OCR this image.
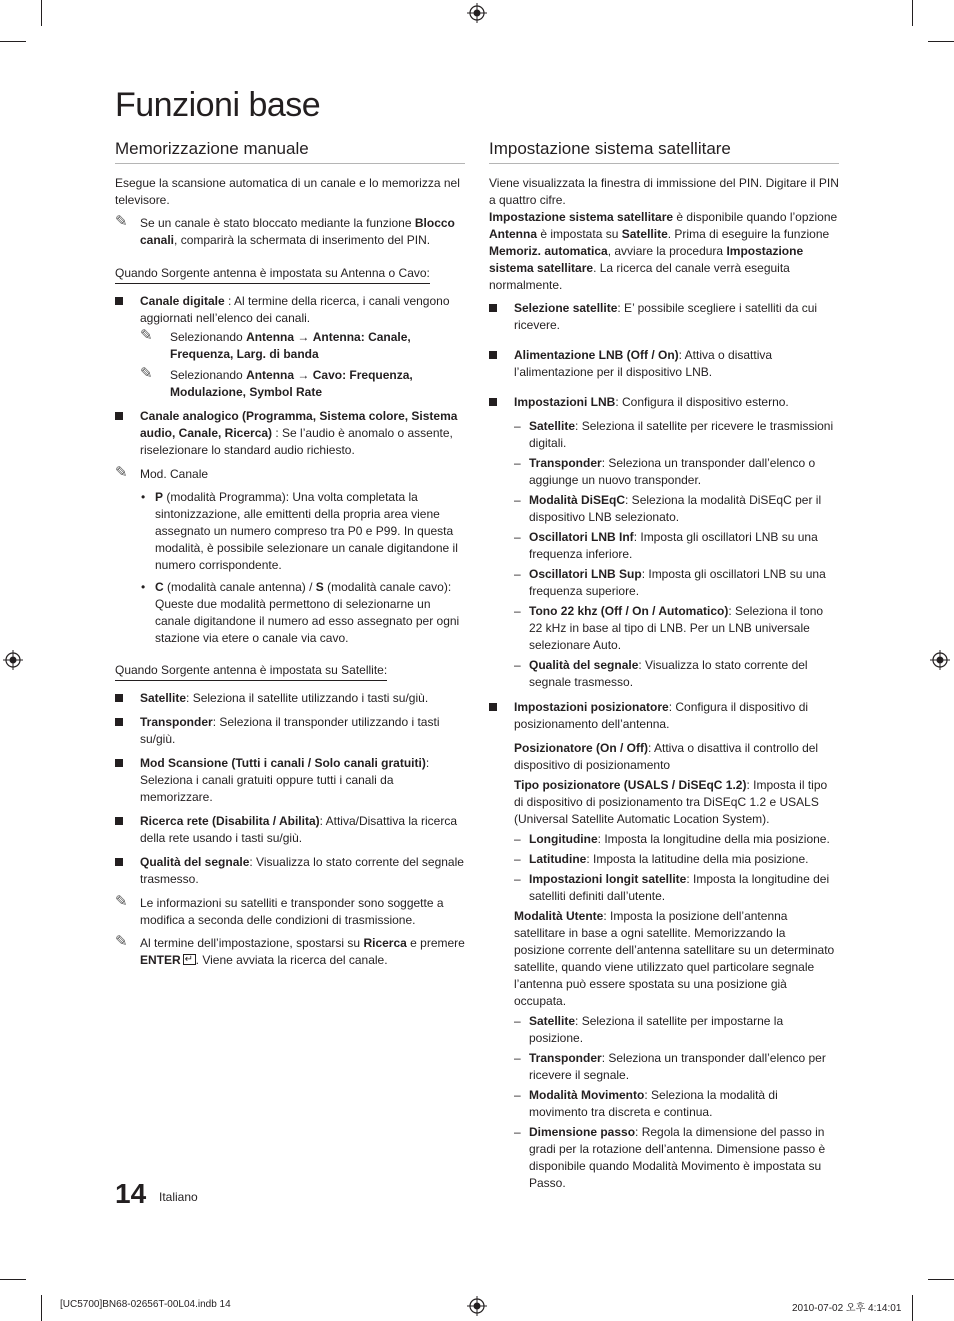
Funzioni base
Memorizzazione manuale

Esegue la scansione automatica di un canale e lo memorizza nel televisore.

✎ Se un canale è stato bloccato mediante la funzione Blocco canali, comparirà la schermata di inserimento del PIN.
Quando Sorgente antenna è impostata su Antenna o Cavo:
Canale digitale : Al termine della ricerca, i canali vengono aggiornati nell’elenco dei canali.
✎ Selezionando Antenna → Antenna: Canale, Frequenza, Larg. di banda
✎ Selezionando Antenna → Cavo: Frequenza, Modulazione, Symbol Rate
Canale analogico (Programma, Sistema colore, Sistema audio, Canale, Ricerca) : Se l’audio è anomalo o assente, riselezionare lo standard audio richiesto.
✎ Mod. Canale
• P (modalità Programma): Una volta completata la sintonizzazione, alle emittenti della propria area viene assegnato un numero compreso tra P0 e P99. In questa modalità, è possibile selezionare un canale digitandone il numero corrispondente.
• C (modalità canale antenna) / S (modalità canale cavo): Queste due modalità permettono di selezionarne un canale digitandone il numero ad esso assegnato per ogni stazione via etere o canale via cavo.
Quando Sorgente antenna è impostata su Satellite:
Satellite: Seleziona il satellite utilizzando i tasti su/giù.
Transponder: Seleziona il transponder utilizzando i tasti su/giù.
Mod Scansione (Tutti i canali / Solo canali gratuiti): Seleziona i canali gratuiti oppure tutti i canali da memorizzare.
Ricerca rete (Disabilita / Abilita): Attiva/Disattiva la ricerca della rete usando i tasti su/giù.
Qualità del segnale: Visualizza lo stato corrente del segnale trasmesso.
✎ Le informazioni su satelliti e transponder sono soggette a modifica a seconda delle condizioni di trasmissione.
✎ Al termine dell’impostazione, spostarsi su Ricerca e premere ENTER↵ . Viene avviata la ricerca del canale.
Impostazione sistema satellitare

Viene visualizzata la finestra di immissione del PIN. Digitare il PIN a quattro cifre.

Impostazione sistema satellitare è disponibile quando l’opzione Antenna è impostata su Satellite. Prima di eseguire la funzione Memoriz. automatica, avviare la procedura Impostazione sistema satellitare. La ricerca del canale verrà eseguita normalmente.

Selezione satellite: E’ possibile scegliere i satelliti da cui ricevere.
Alimentazione LNB (Off / On): Attiva o disattiva l’alimentazione per il dispositivo LNB.
Impostazioni LNB: Configura il dispositivo esterno.
– Satellite: Seleziona il satellite per ricevere le trasmissioni digitali.
– Transponder: Seleziona un transponder dall’elenco o aggiunge un nuovo transponder.
– Modalità DiSEqC: Seleziona la modalità DiSEqC per il dispositivo LNB selezionato.
– Oscillatori LNB Inf: Imposta gli oscillatori LNB su una frequenza inferiore.
– Oscillatori LNB Sup: Imposta gli oscillatori LNB su una frequenza superiore.
– Tono 22 khz (Off / On / Automatico): Seleziona il tono 22 kHz in base al tipo di LNB. Per un LNB universale selezionare Auto.
– Qualità del segnale: Visualizza lo stato corrente del segnale trasmesso.
Impostazioni posizionatore: Configura il dispositivo di posizionamento dell’antenna.
Posizionatore (On / Off): Attiva o disattiva il controllo del dispositivo di posizionamento
Tipo posizionatore (USALS / DiSEqC 1.2): Imposta il tipo di dispositivo di posizionamento tra DiSEqC 1.2 e USALS (Universal Satellite Automatic Location System).
– Longitudine: Imposta la longitudine della mia posizione.
– Latitudine: Imposta la latitudine della mia posizione.
– Impostazioni longit satellite: Imposta la longitudine dei satelliti definiti dall’utente.
Modalità Utente: Imposta la posizione dell’antenna satellitare in base a ogni satellite. Memorizzando la posizione corrente dell’antenna satellitare su un determinato satellite, quando viene utilizzato quel particolare segnale l’antenna può essere spostata su una posizione già occupata.
– Satellite: Seleziona il satellite per impostarne la posizione.
– Transponder: Seleziona un transponder dall’elenco per ricevere il segnale.
– Modalità Movimento: Seleziona la modalità di movimento tra discreta e continua.
– Dimensione passo: Regola la dimensione del passo in gradi per la rotazione dell’antenna. Dimensione passo è disponibile quando Modalità Movimento è impostata su Passo.
14 Italiano
[UC5700]BN68-02656T-00L04.indb 14	2010-07-02 오후 4:14:01
